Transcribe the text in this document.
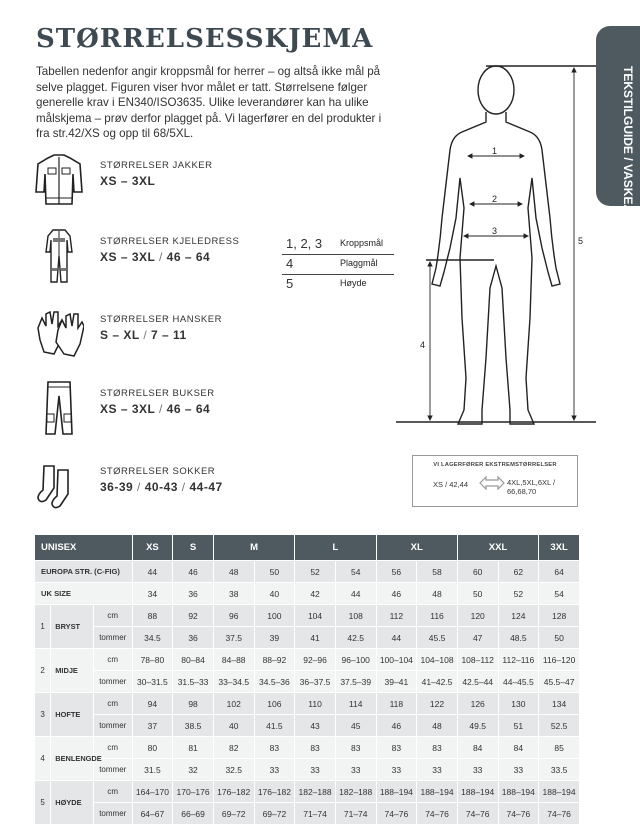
STØRRELSESSKJEMA

Tabellen nedenfor angir kroppsmål for herrer – og altså ikke mål på selve plagget. Figuren viser hvor målet er tatt. Størrelsene følger generelle krav i EN340/ISO3635. Ulike leverandører kan ha ulike målskjema – prøv derfor plagget på. Vi lagerfører en del produkter i fra str.42/XS og opp til 68/5XL.	TEKSTILGUIDE / VASKEANVISNING
STØRRELSER JAKKER
XS – 3XL
STØRRELSER KJELEDRESS
XS – 3XL / 46 – 64
STØRRELSER HANSKER
S – XL / 7 – 11
STØRRELSER BUKSER
XS – 3XL / 46 – 64
STØRRELSER SOKKER
36-39 / 40-43 / 44-47
1, 2, 3 Kroppsmål
4	Plaggmål
5	Høyde
1
2
3
4
5
VI LAGERFØRER EKSTREMSTØRRELSER
XS / 42,44	4XL,5XL,6XL /
66,68,70
UNISEX			XS	S	M		L		XL		XXL		3XL
EUROPA STR. (C-FIG)			44	46	48	50	52	54	56	58	60	62	64
UK SIZE			34	36	38	40	42	44	46	48	50	52	54
1	BRYST	cm	88	92	96	100	104	108	112	116	120	124	128
		tommer	34.5	36	37.5	39	41	42.5	44	45.5	47	48.5	50
2	MIDJE	cm	78–80	80–84	84–88	88–92	92–96	96–100	100–104	104–108	108–112	112–116	116–120
		tommer	30–31.5	31.5–33	33–34.5	34.5–36	36–37.5	37.5–39	39–41	41–42.5	42.5–44	44–45.5	45.5–47
3	HOFTE	cm	94	98	102	106	110	114	118	122	126	130	134
		tommer	37	38.5	40	41.5	43	45	46	48	49.5	51	52.5
4	BENLENGDE	cm	80	81	82	83	83	83	83	83	84	84	85
		tommer	31.5	32	32.5	33	33	33	33	33	33	33	33.5
5	HØYDE	cm	164–170	170–176	176–182	176–182	182–188	182–188	188–194	188–194	188–194	188–194	188–194
		tommer	64–67	66–69	69–72	69–72	71–74	71–74	74–76	74–76	74–76	74–76	74–76
